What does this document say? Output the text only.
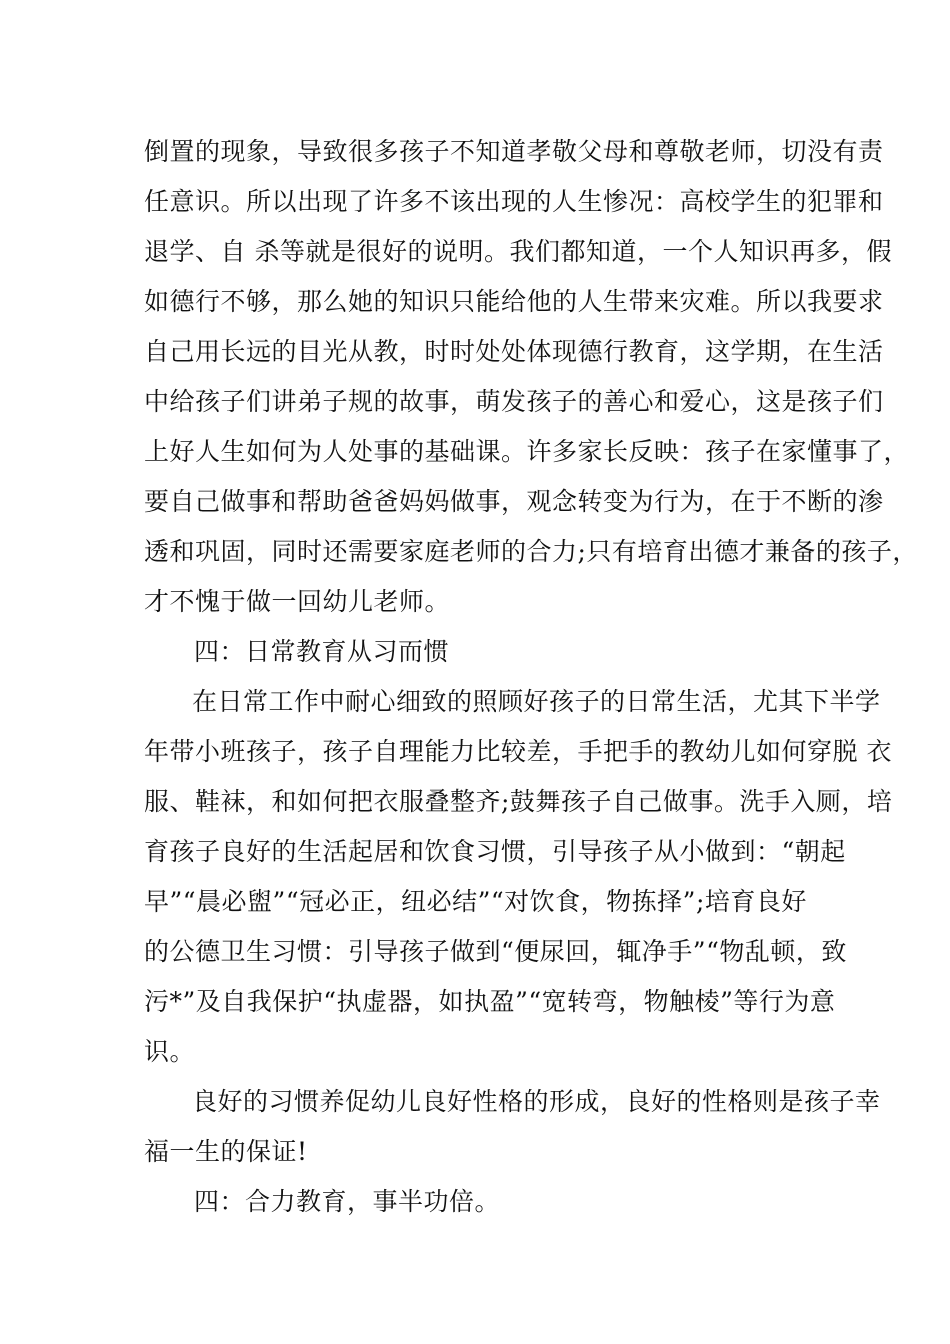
倒置的现象，导致很多孩子不知道孝敬父母和尊敬老师，切没有责
任意识。所以出现了许多不该出现的人生惨况：高校学生的犯罪和
退学、自 杀等就是很好的说明。我们都知道，一个人知识再多，假
如德行不够，那么她的知识只能给他的人生带来灾难。所以我要求
自己用长远的目光从教，时时处处体现德行教育，这学期，在生活
中给孩子们讲弟子规的故事，萌发孩子的善心和爱心，这是孩子们
上好人生如何为人处事的基础课。许多家长反映：孩子在家懂事了，
要自己做事和帮助爸爸妈妈做事，观念转变为行为，在于不断的渗
透和巩固，同时还需要家庭老师的合力;只有培育出德才兼备的孩子，
才不愧于做一回幼儿老师。
四：日常教育从习而惯
在日常工作中耐心细致的照顾好孩子的日常生活，尤其下半学
年带小班孩子，孩子自理能力比较差，手把手的教幼儿如何穿脱 衣
服、鞋袜，和如何把衣服叠整齐;鼓舞孩子自己做事。洗手入厕，培
育孩子良好的生活起居和饮食习惯，引导孩子从小做到：“朝起
早”“晨必盥”“冠必正，纽必结”“对饮食，物拣择”;培育良好
的公德卫生习惯：引导孩子做到“便尿回，辄净手”“物乱顿，致
污*”及自我保护“执虚器，如执盈”“宽转弯，物触棱”等行为意
识。
良好的习惯养促幼儿良好性格的形成，良好的性格则是孩子幸
福一生的保证!
四：合力教育，事半功倍。
